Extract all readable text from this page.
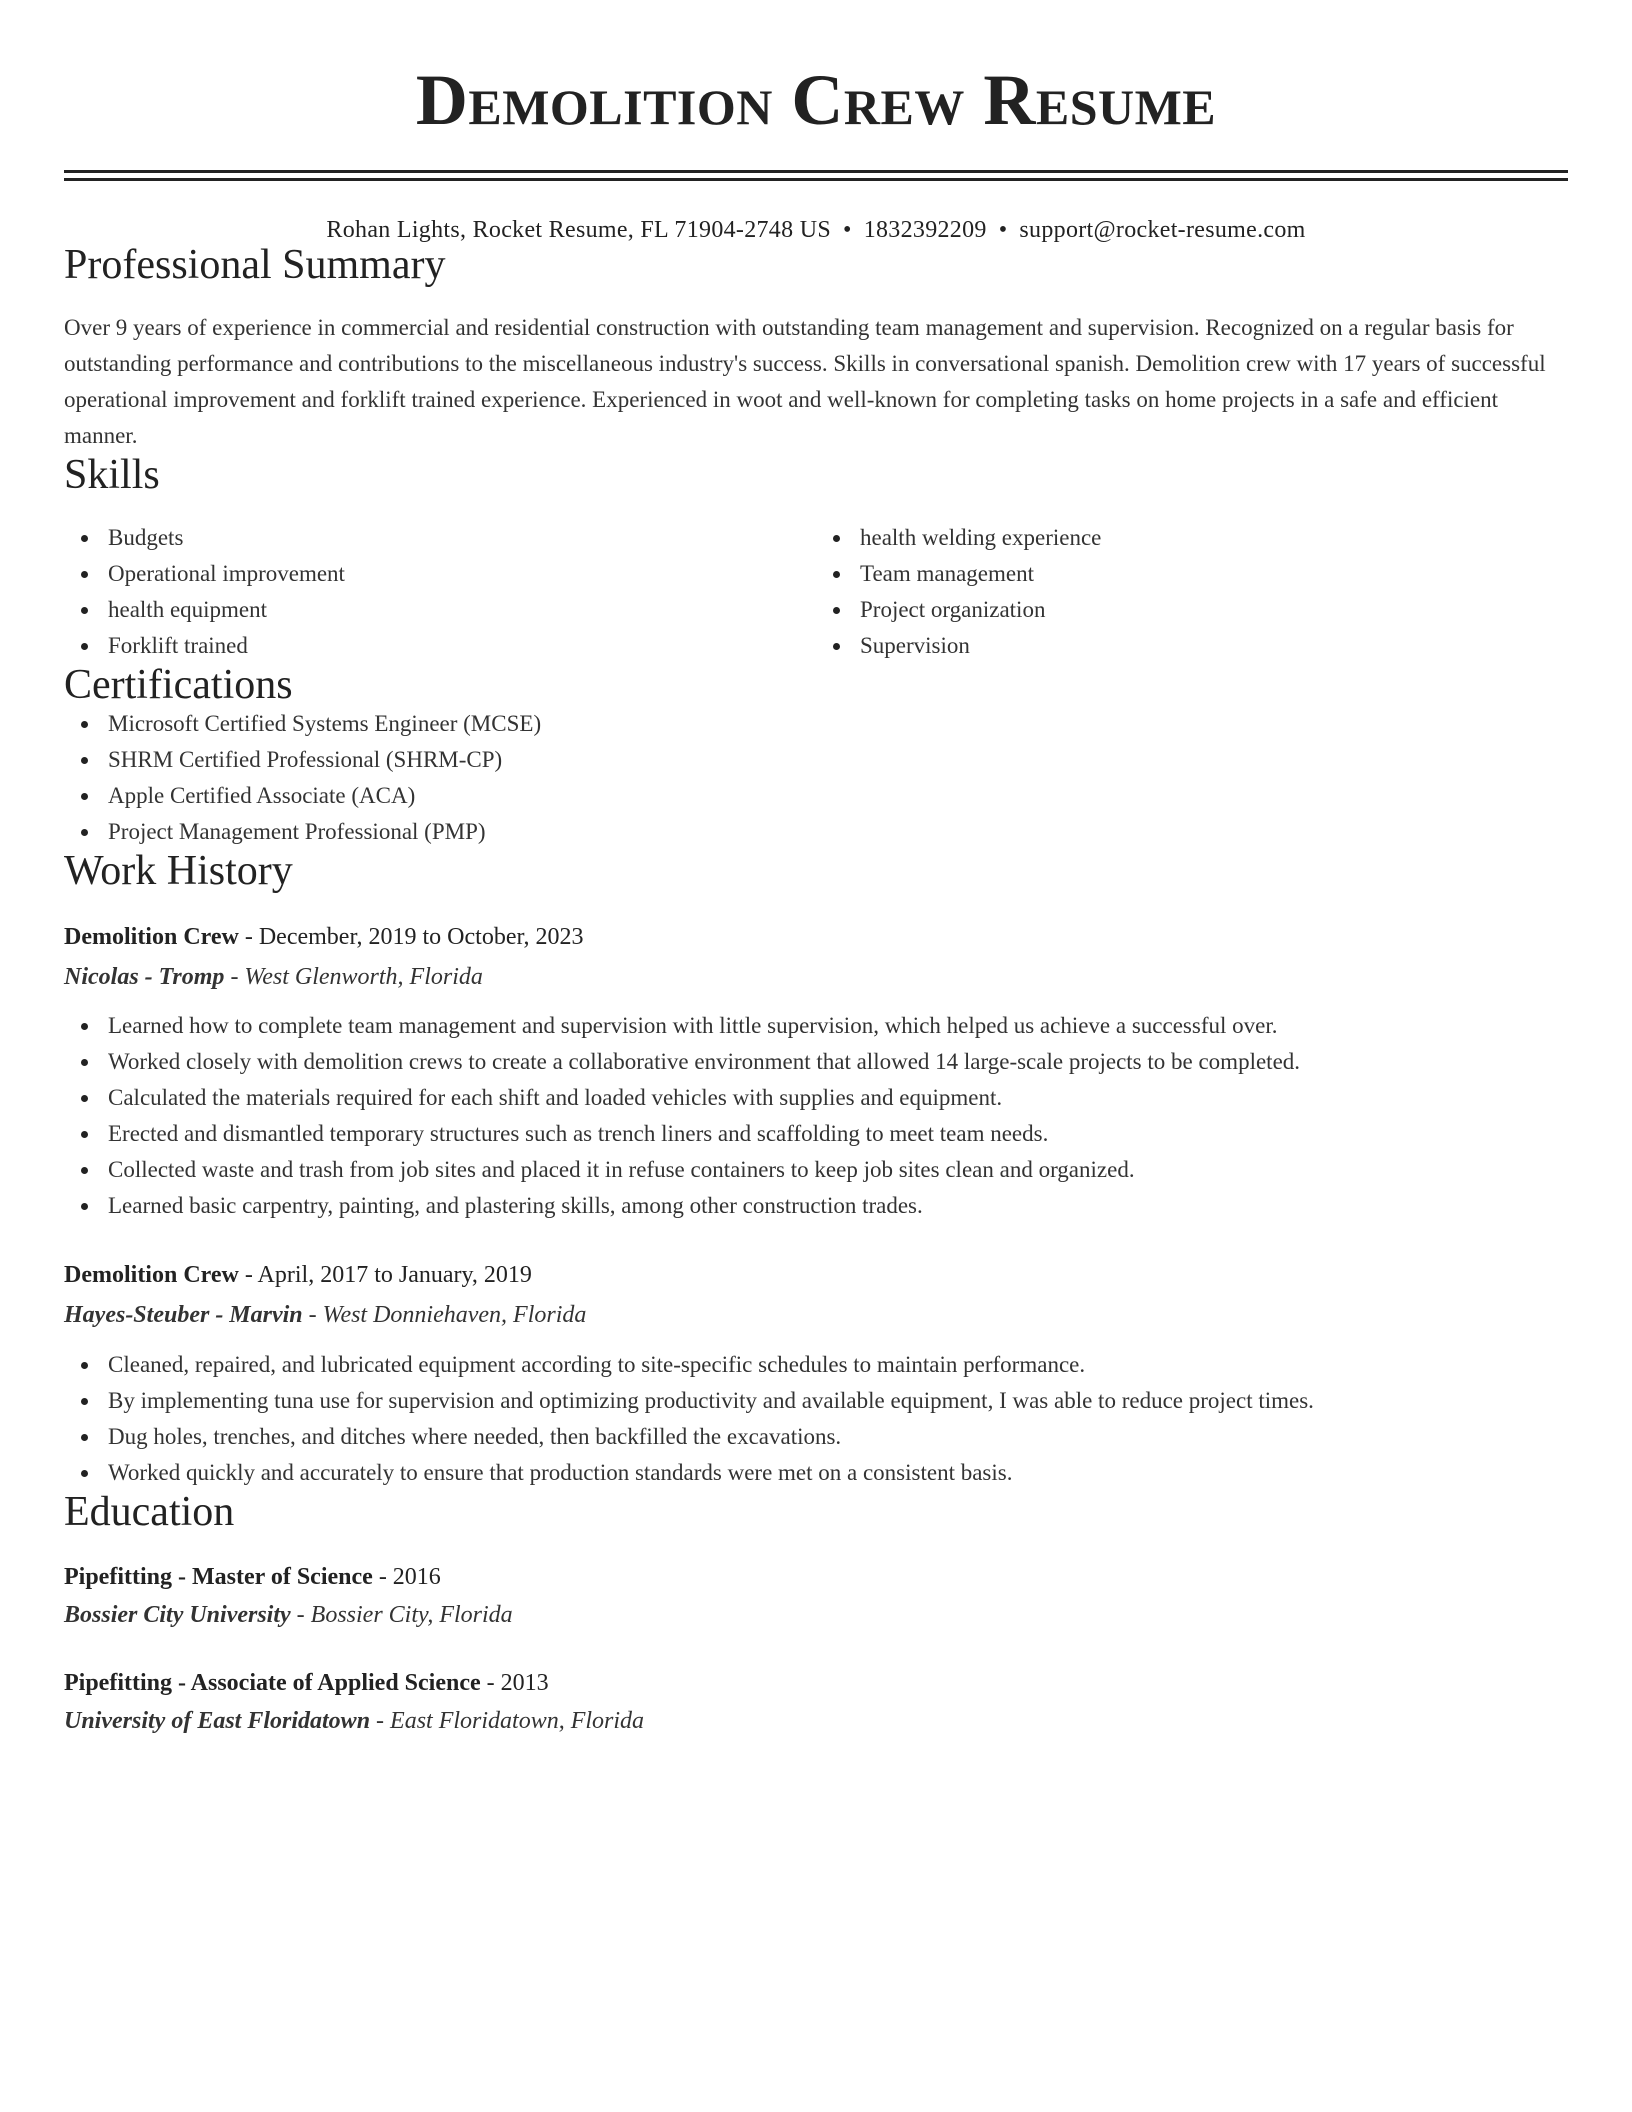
Demolition Crew Resume
Rohan Lights, Rocket Resume, FL 71904-2748 US • 1832392209 • support@rocket-resume.com
Professional Summary

Over 9 years of experience in commercial and residential construction with outstanding team management and supervision. Recognized on a regular basis for outstanding performance and contributions to the miscellaneous industry's success. Skills in conversational spanish. Demolition crew with 17 years of successful operational improvement and forklift trained experience. Experienced in woot and well-known for completing tasks on home projects in a safe and efficient manner.

Skills
Budgets
Operational improvement
health equipment
Forklift trained
health welding experience
Team management
Project organization
Supervision
Certifications
Microsoft Certified Systems Engineer (MCSE)
SHRM Certified Professional (SHRM-CP)
Apple Certified Associate (ACA)
Project Management Professional (PMP)
Work History
Demolition Crew - December, 2019 to October, 2023
Nicolas - Tromp - West Glenworth, Florida
Learned how to complete team management and supervision with little supervision, which helped us achieve a successful over.
Worked closely with demolition crews to create a collaborative environment that allowed 14 large-scale projects to be completed.
Calculated the materials required for each shift and loaded vehicles with supplies and equipment.
Erected and dismantled temporary structures such as trench liners and scaffolding to meet team needs.
Collected waste and trash from job sites and placed it in refuse containers to keep job sites clean and organized.
Learned basic carpentry, painting, and plastering skills, among other construction trades.
Demolition Crew - April, 2017 to January, 2019
Hayes-Steuber - Marvin - West Donniehaven, Florida
Cleaned, repaired, and lubricated equipment according to site-specific schedules to maintain performance.
By implementing tuna use for supervision and optimizing productivity and available equipment, I was able to reduce project times.
Dug holes, trenches, and ditches where needed, then backfilled the excavations.
Worked quickly and accurately to ensure that production standards were met on a consistent basis.
Education
Pipefitting - Master of Science - 2016
Bossier City University - Bossier City, Florida
Pipefitting - Associate of Applied Science - 2013
University of East Floridatown - East Floridatown, Florida
